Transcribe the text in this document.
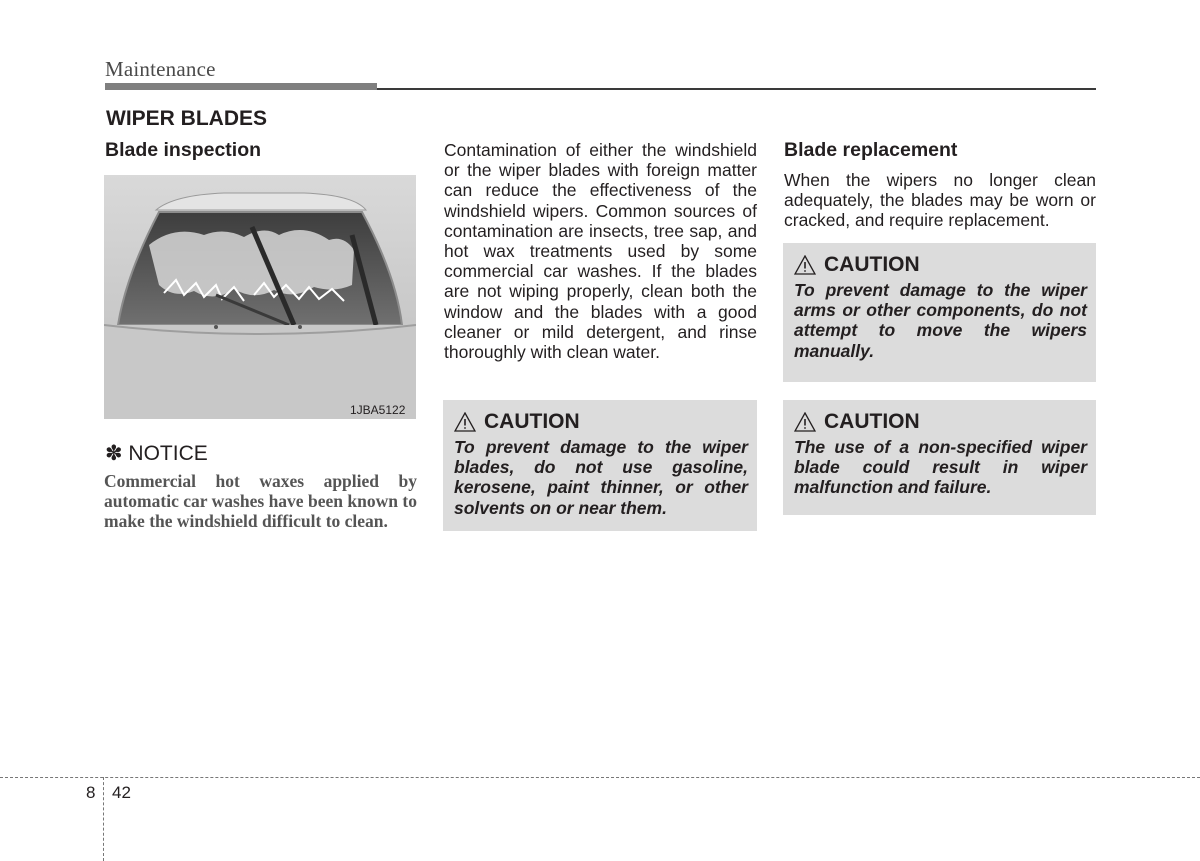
Maintenance
WIPER BLADES
Blade inspection
1JBA5122
✽ NOTICE
Commercial hot waxes applied by automatic car washes have been known to make the windshield difficult to clean.
Contamination of either the windshield or the wiper blades with foreign matter can reduce the effectiveness of the windshield wipers. Common sources of contamination are insects, tree sap, and hot wax treatments used by some commercial car washes. If the blades are not wiping properly, clean both the window and the blades with a good cleaner or mild detergent, and rinse thoroughly with clean water.
CAUTION
To prevent damage to the wiper blades, do not use gasoline, kerosene, paint thinner, or other solvents on or near them.
Blade replacement
When the wipers no longer clean adequately, the blades may be worn or cracked, and require replacement.
CAUTION
To prevent damage to the wiper arms or other components, do not attempt to move the wipers manually.
CAUTION
The use of a non-specified wiper blade could result in wiper malfunction and failure.
8 42
